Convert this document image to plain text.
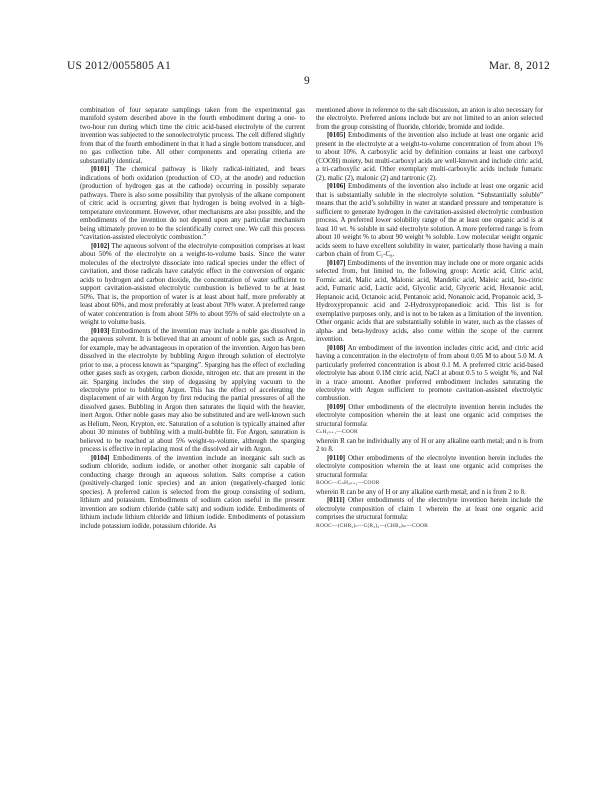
US 2012/0055805 A1	Mar. 8, 2012
9

combination of four separate samplings taken from the experimental gas manifold system described above in the fourth embodiment during a one- to two-hour run during which time the citric acid-based electrolyte of the current invention was subjected to the sonoelectrolytic process. The cell differed slightly from that of the fourth embodiment in that it had a single bottom transducer, and no gas collection tube. All other components and operating criteria are substantially identical.

[0101] The chemical pathway is likely radical-initiated, and bears indications of both oxidation (production of CO₂ at the anode) and reduction (production of hydrogen gas at the cathode) occurring in possibly separate pathways. There is also some possibility that pyrolysis of the alkane component of citric acid is occurring given that hydrogen is being evolved in a high-temperature environment. However, other mechanisms are also possible, and the embodiments of the invention do not depend upon any particular mechanism being ultimately proven to be the scientifically correct one. We call this process “cavitation-assisted electrolytic combustion.”

[0102] The aqueous solvent of the electrolyte composition comprises at least about 50% of the electrolyte on a weight-to-volume basis. Since the water molecules of the electrolyte dissociate into radical species under the effect of cavitation, and those radicals have catalytic effect in the conversion of organic acids to hydrogen and carbon dioxide, the concentration of water sufficient to support cavitation-assisted electrolytic combustion is believed to be at least 50%. That is, the proportion of water is at least about half, more preferably at least about 60%, and most preferably at least about 70% water. A preferred range of water concentration is from about 50% to about 95% of said electrolyte on a weight to volume basis.

[0103] Embodiments of the invention may include a noble gas dissolved in the aqueous solvent. It is believed that an amount of noble gas, such as Argon, for example, may be advantageous in operation of the invention. Argon has been dissolved in the electrolyte by bubbling Argon through solution of electrolyte prior to use, a process known as “sparging”. Sparging has the effect of excluding other gases such as oxygen, carbon dioxide, nitrogen etc. that are present in the air. Sparging includes the step of degassing by applying vacuum to the electrolyte prior to bubbling Argon. This has the effect of accelerating the displacement of air with Argon by first reducing the partial pressures of all the dissolved gases. Bubbling in Argon then saturates the liquid with the heavier, inert Argon. Other noble gases may also be substituted and are well-known such as Helium, Neon, Krypton, etc. Saturation of a solution is typically attained after about 30 minutes of bubbling with a multi-bubble fit. For Argon, saturation is believed to be reached at about 5% weight-to-volume, although the sparging process is effective in replacing most of the dissolved air with Argon.

[0104] Embodiments of the invention include an inorganic salt such as sodium chloride, sodium iodide, or another other inorganic salt capable of conducting charge through an aqueous solution. Salts comprise a cation (positively-charged ionic species) and an anion (negatively-charged ionic species). A preferred cation is selected from the group consisting of sodium, lithium and potassium. Embodiments of sodium cation useful in the present invention are sodium chloride (table salt) and sodium iodide. Embodiments of lithium include lithium chloride and lithium iodide. Embodiments of potassium include potassium iodide, potassium chloride. As

mentioned above in reference to the salt discussion, an anion is also necessary for the electrolyte. Preferred anions include but are not limited to an anion selected from the group consisting of fluoride, chloride, bromide and iodide.

[0105] Embodiments of the invention also include at least one organic acid present in the electrolyte at a weight-to-volume concentration of from about 1% to about 10%. A carboxylic acid by definition contains at least one carboxyl (COOH) moiety, but multi-carboxyl acids are well-known and include citric acid, a tri-carboxylic acid. Other exemplary multi-carboxylic acids include fumaric (2), malic (2), malonic (2) and tartronic (2).

[0106] Embodiments of the invention also include at least one organic acid that is substantially soluble in the electrolyte solution. “Substantially soluble” means that the acid’s solubility in water at standard pressure and temperature is sufficient to generate hydrogen in the cavitation-assisted electrolytic combustion process. A preferred lower solubility range of the at least one organic acid is at least 10 wt. % soluble in said electrolyte solution. A more preferred range is from about 10 weight % to about 90 weight % soluble. Low molecular weight organic acids seem to have excellent solubility in water, particularly those having a main carbon chain of from C₁-C₈.

[0107] Embodiments of the invention may include one or more organic acids selected from, but limited to, the following group: Acetic acid, Citric acid, Formic acid, Malic acid, Malonic acid, Mandelic acid, Maleic acid, Iso-citric acid, Fumaric acid, Lactic acid, Glycolic acid, Glyceric acid, Hexanoic acid, Heptanoic acid, Octanoic acid, Pentanoic acid, Nonanoic acid, Propanoic acid, 3-Hydroxypropanoic acid and 2-Hydroxypropanedioic acid. This list is for exemplative purposes only, and is not to be taken as a limitation of the invention. Other organic acids that are substantially soluble in water, such as the classes of alpha- and beta-hydroxy acids, also come within the scope of the current invention.

[0108] An embodiment of the invention includes citric acid, and citric acid having a concentration in the electrolyte of from about 0.05 M to about 5.0 M. A particularly preferred concentration is about 0.1 M. A preferred citric acid-based electrolyte has about 0.1M citric acid, NaCl at about 0.5 to 5 weight %, and NaI in a trace amount. Another preferred embodiment includes saturating the electrolyte with Argon sufficient to promote cavitation-assisted electrolytic combustion.

[0109] Other embodiments of the electrolyte invention herein includes the electrolyte composition wherein the at least one organic acid comprises the structural formula:

CₙH₂ₙ₊₁—COOR

wherein R can be individually any of H or any alkaline earth metal; and n is from 2 to 8.

[0110] Other embodiments of the electrolyte invention herein includes the electrolyte composition wherein the at least one organic acid comprises the structural formula:

ROOC—CₙH₂ₙ₊₁—COOR

wherein R can be any of H or any alkaline earth metal; and n is from 2 to 8.

[0111] Other embodiments of the electrolyte invention herein include the electrolyte composition of claim 1 wherein the at least one organic acid comprises the structural formula:

ROOC—(CHR₂)ₙ—C(R₂)₂—(CHR₂)ₘ—COOR
